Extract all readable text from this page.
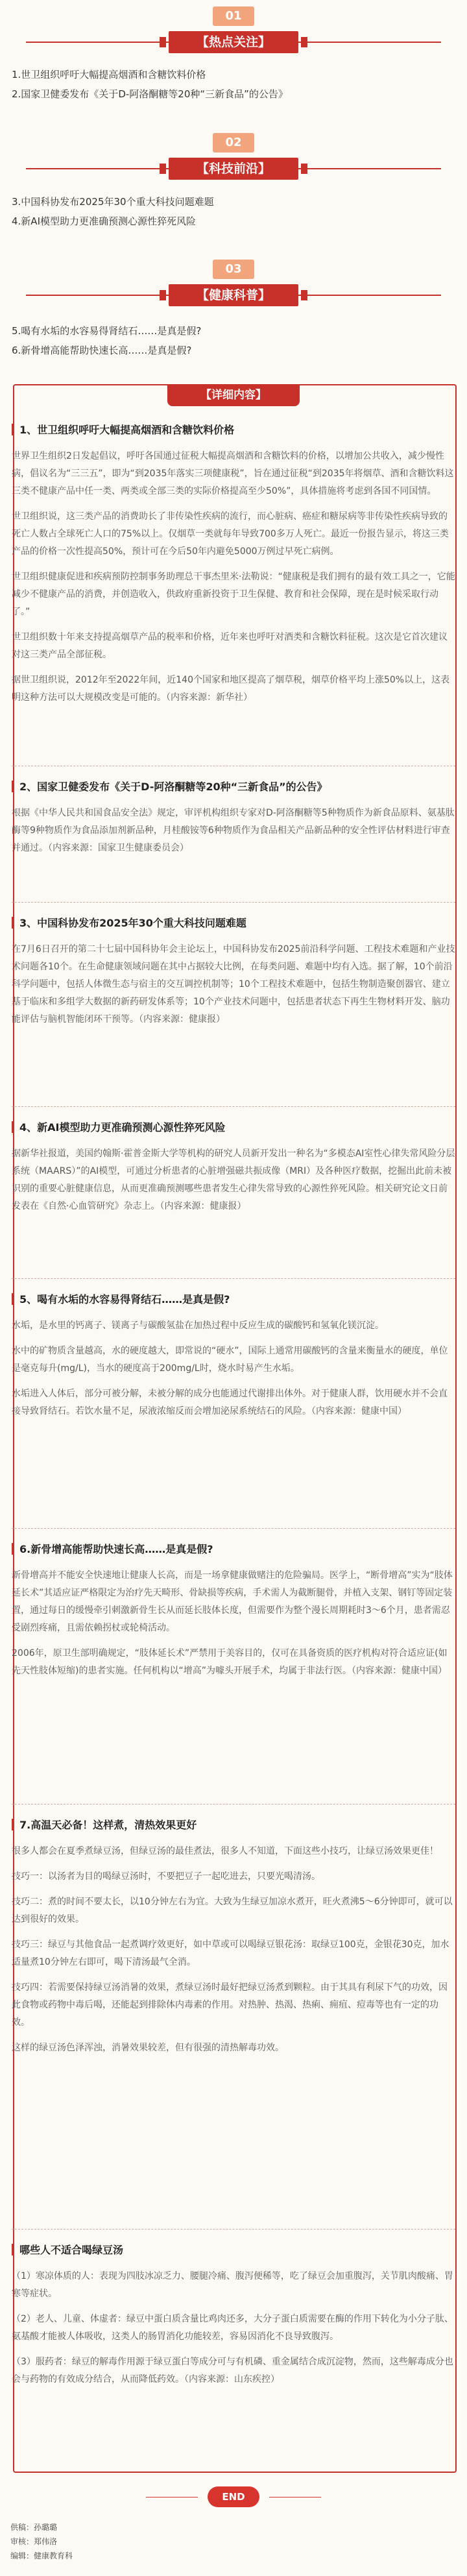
01
【热点关注】
1.世卫组织呼吁大幅提高烟酒和含糖饮料价格
2.国家卫健委发布《关于D-阿洛酮糖等20种“三新食品”的公告》
02
【科技前沿】
3.中国科协发布2025年30个重大科技问题难题
4.新AI模型助力更准确预测心源性猝死风险
03
【健康科普】
5.喝有水垢的水容易得肾结石……是真是假?
6.新骨增高能帮助快速长高……是真是假?
【详细内容】
1、世卫组织呼吁大幅提高烟酒和含糖饮料价格

世界卫生组织2日发起倡议，呼吁各国通过征税大幅提高烟酒和含糖饮料的价格，以增加公共收入，减少慢性病，倡议名为“三三五”，即为“到2035年落实三项健康税”，旨在通过征税“到2035年将烟草、酒和含糖饮料这三类不健康产品中任一类、两类或全部三类的实际价格提高至少50%”，具体措施将考虑到各国不同国情。

世卫组织说，这三类产品的消费助长了非传染性疾病的流行，而心脏病、癌症和糖尿病等非传染性疾病导致的死亡人数占全球死亡人口的75%以上。仅烟草一类就每年导致700多万人死亡。最近一份报告显示，将这三类产品的价格一次性提高50%，预计可在今后50年内避免5000万例过早死亡病例。

世卫组织健康促进和疾病预防控制事务助理总干事杰里米·法勒说：“健康税是我们拥有的最有效工具之一，它能减少不健康产品的消费，并创造收入，供政府重新投资于卫生保健、教育和社会保障，现在是时候采取行动了。”

世卫组织数十年来支持提高烟草产品的税率和价格，近年来也呼吁对酒类和含糖饮料征税。这次是它首次建议对这三类产品全部征税。

据世卫组织说，2012年至2022年间，近140个国家和地区提高了烟草税，烟草价格平均上涨50%以上，这表明这种方法可以大规模改变是可能的。（内容来源：新华社）

2、国家卫健委发布《关于D-阿洛酮糖等20种“三新食品”的公告》

根据《中华人民共和国食品安全法》规定，审评机构组织专家对D-阿洛酮糖等5种物质作为新食品原料、氨基肽酶等9种物质作为食品添加剂新品种，月桂酸铵等6种物质作为食品相关产品新品种的安全性评估材料进行审查并通过。（内容来源：国家卫生健康委员会）

3、中国科协发布2025年30个重大科技问题难题

在7月6日召开的第二十七届中国科协年会主论坛上，中国科协发布2025前沿科学问题、工程技术难题和产业技术问题各10个。在生命健康领域问题在其中占据较大比例，在每类问题、难题中均有入选。据了解，10个前沿科学问题中，包括人体微生态与宿主的交互调控机制等；10个工程技术难题中，包括生物制造聚创器官、建立基于临床和多组学大数据的新药研发体系等；10个产业技术问题中，包括患者状态下再生生物材料开发、脑功能评估与脑机智能闭环干预等。（内容来源：健康报）

4、新AI模型助力更准确预测心源性猝死风险

据新华社报道，美国约翰斯·霍普金斯大学等机构的研究人员新开发出一种名为“多模态AI室性心律失常风险分层系统（MAARS）”的AI模型，可通过分析患者的心脏增强磁共振成像（MRI）及各种医疗数据，挖掘出此前未被识别的重要心脏健康信息，从而更准确预测哪些患者发生心律失常导致的心源性猝死风险。相关研究论文日前发表在《自然·心血管研究》杂志上。（内容来源：健康报）

5、喝有水垢的水容易得肾结石……是真是假?

水垢，是水里的钙离子、镁离子与碳酸氢盐在加热过程中反应生成的碳酸钙和氢氧化镁沉淀。

水中的矿物质含量越高，水的硬度越大，即常说的“硬水”，国际上通常用碳酸钙的含量来衡量水的硬度，单位是毫克每升(mg/L)，当水的硬度高于200mg/L时，烧水时易产生水垢。

水垢进入人体后，部分可被分解，未被分解的成分也能通过代谢排出体外。对于健康人群，饮用硬水并不会直接导致肾结石。若饮水量不足，尿液浓缩反而会增加泌尿系统结石的风险。（内容来源：健康中国）

6.新骨增高能帮助快速长高……是真是假?

新骨增高并不能安全快速地让健康人长高，而是一场拿健康做赌注的危险骗局。医学上，“断骨增高”实为“肢体延长术”其适应证严格限定为治疗先天畸形、骨缺损等疾病，手术需人为截断腿骨，并植入支架、钢钉等固定装置，通过每日的缓慢牵引刺激新骨生长从而延长肢体长度，但需要作为整个漫长周期耗时3～6个月，患者需忍受剧烈疼痛，且需依赖拐杖或轮椅活动。

2006年，原卫生部明确规定，“肢体延长术”严禁用于美容目的，仅可在具备资质的医疗机构对符合适应证(如先天性肢体短缩)的患者实施。任何机构以“增高”为噱头开展手术，均属于非法行医。（内容来源：健康中国）

7.高温天必备！这样煮，清热效果更好

很多人都会在夏季煮绿豆汤，但绿豆汤的最佳煮法，很多人不知道，下面这些小技巧，让绿豆汤效果更佳！

技巧一：以汤者为目的喝绿豆汤时，不要把豆子一起吃进去，只要光喝清汤。

技巧二：煮的时间不要太长，以10分钟左右为宜。大致为生绿豆加凉水煮开，旺火煮沸5～6分钟即可，就可以达到很好的效果。

技巧三：绿豆与其他食品一起煮调疗效更好，如中草或可以喝绿豆银花汤：取绿豆100克，金银花30克，加水适量煮10分钟左右即可，喝下清汤最气全消。

技巧四：若需要保持绿豆汤消暑的效果，煮绿豆汤时最好把绿豆汤煮到颗粒。由于其具有利尿下气的功效，因此食物或药物中毒后喝，还能起到排除体内毒素的作用。对热肿、热渴、热痢、痈疽、痘毒等也有一定的功效。

这样的绿豆汤色泽浑浊，消暑效果较差，但有很强的清热解毒功效。

哪些人不适合喝绿豆汤

（1）寒凉体质的人：表现为四肢冰凉乏力、腰腿冷痛、腹泻便稀等，吃了绿豆会加重腹泻，关节肌肉酸痛、胃寒等症状。

（2）老人、儿童、体虚者：绿豆中蛋白质含量比鸡肉还多，大分子蛋白质需要在酶的作用下转化为小分子肽、氨基酸才能被人体吸收，这类人的肠胃消化功能较差，容易因消化不良导致腹泻。

（3）服药者：绿豆的解毒作用源于绿豆蛋白等成分可与有机磷、重金属结合成沉淀物，然而，这些解毒成分也会与药物的有效成分结合，从而降低药效。（内容来源：山东疾控）

END
供稿：孙璐璐
审核：郑伟洛
编辑：健康教育科
